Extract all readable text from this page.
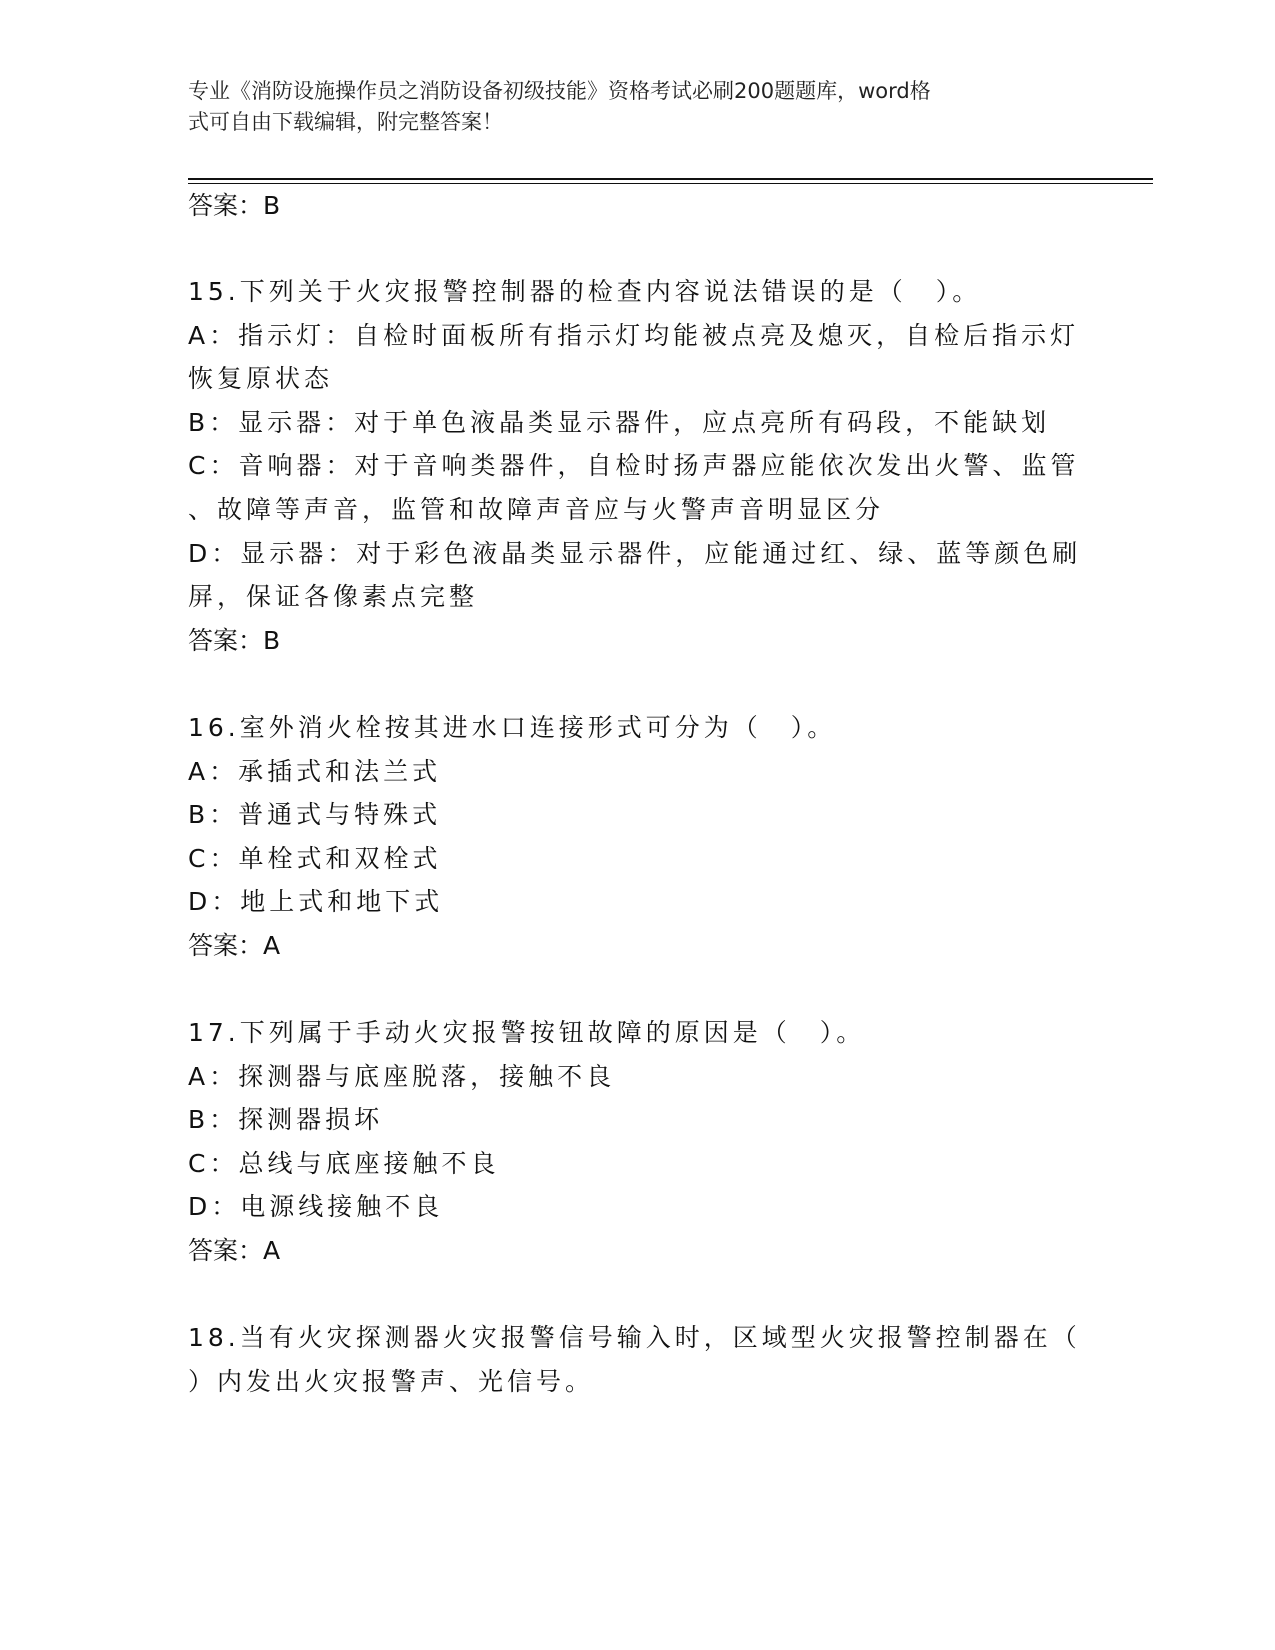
专业《消防设施操作员之消防设备初级技能》资格考试必刷200题题库，word格
式可自由下载编辑，附完整答案！
答案：B
15.下列关于火灾报警控制器的检查内容说法错误的是（　）。
A：指示灯：自检时面板所有指示灯均能被点亮及熄灭，自检后指示灯
恢复原状态
B：显示器：对于单色液晶类显示器件，应点亮所有码段，不能缺划
C：音响器：对于音响类器件，自检时扬声器应能依次发出火警、监管
、故障等声音，监管和故障声音应与火警声音明显区分
D：显示器：对于彩色液晶类显示器件，应能通过红、绿、蓝等颜色刷
屏，保证各像素点完整
答案：B
16.室外消火栓按其进水口连接形式可分为（　）。
A：承插式和法兰式
B：普通式与特殊式
C：单栓式和双栓式
D：地上式和地下式
答案：A
17.下列属于手动火灾报警按钮故障的原因是（　）。
A：探测器与底座脱落，接触不良
B：探测器损坏
C：总线与底座接触不良
D：电源线接触不良
答案：A
18.当有火灾探测器火灾报警信号输入时，区域型火灾报警控制器在（
）内发出火灾报警声、光信号。
